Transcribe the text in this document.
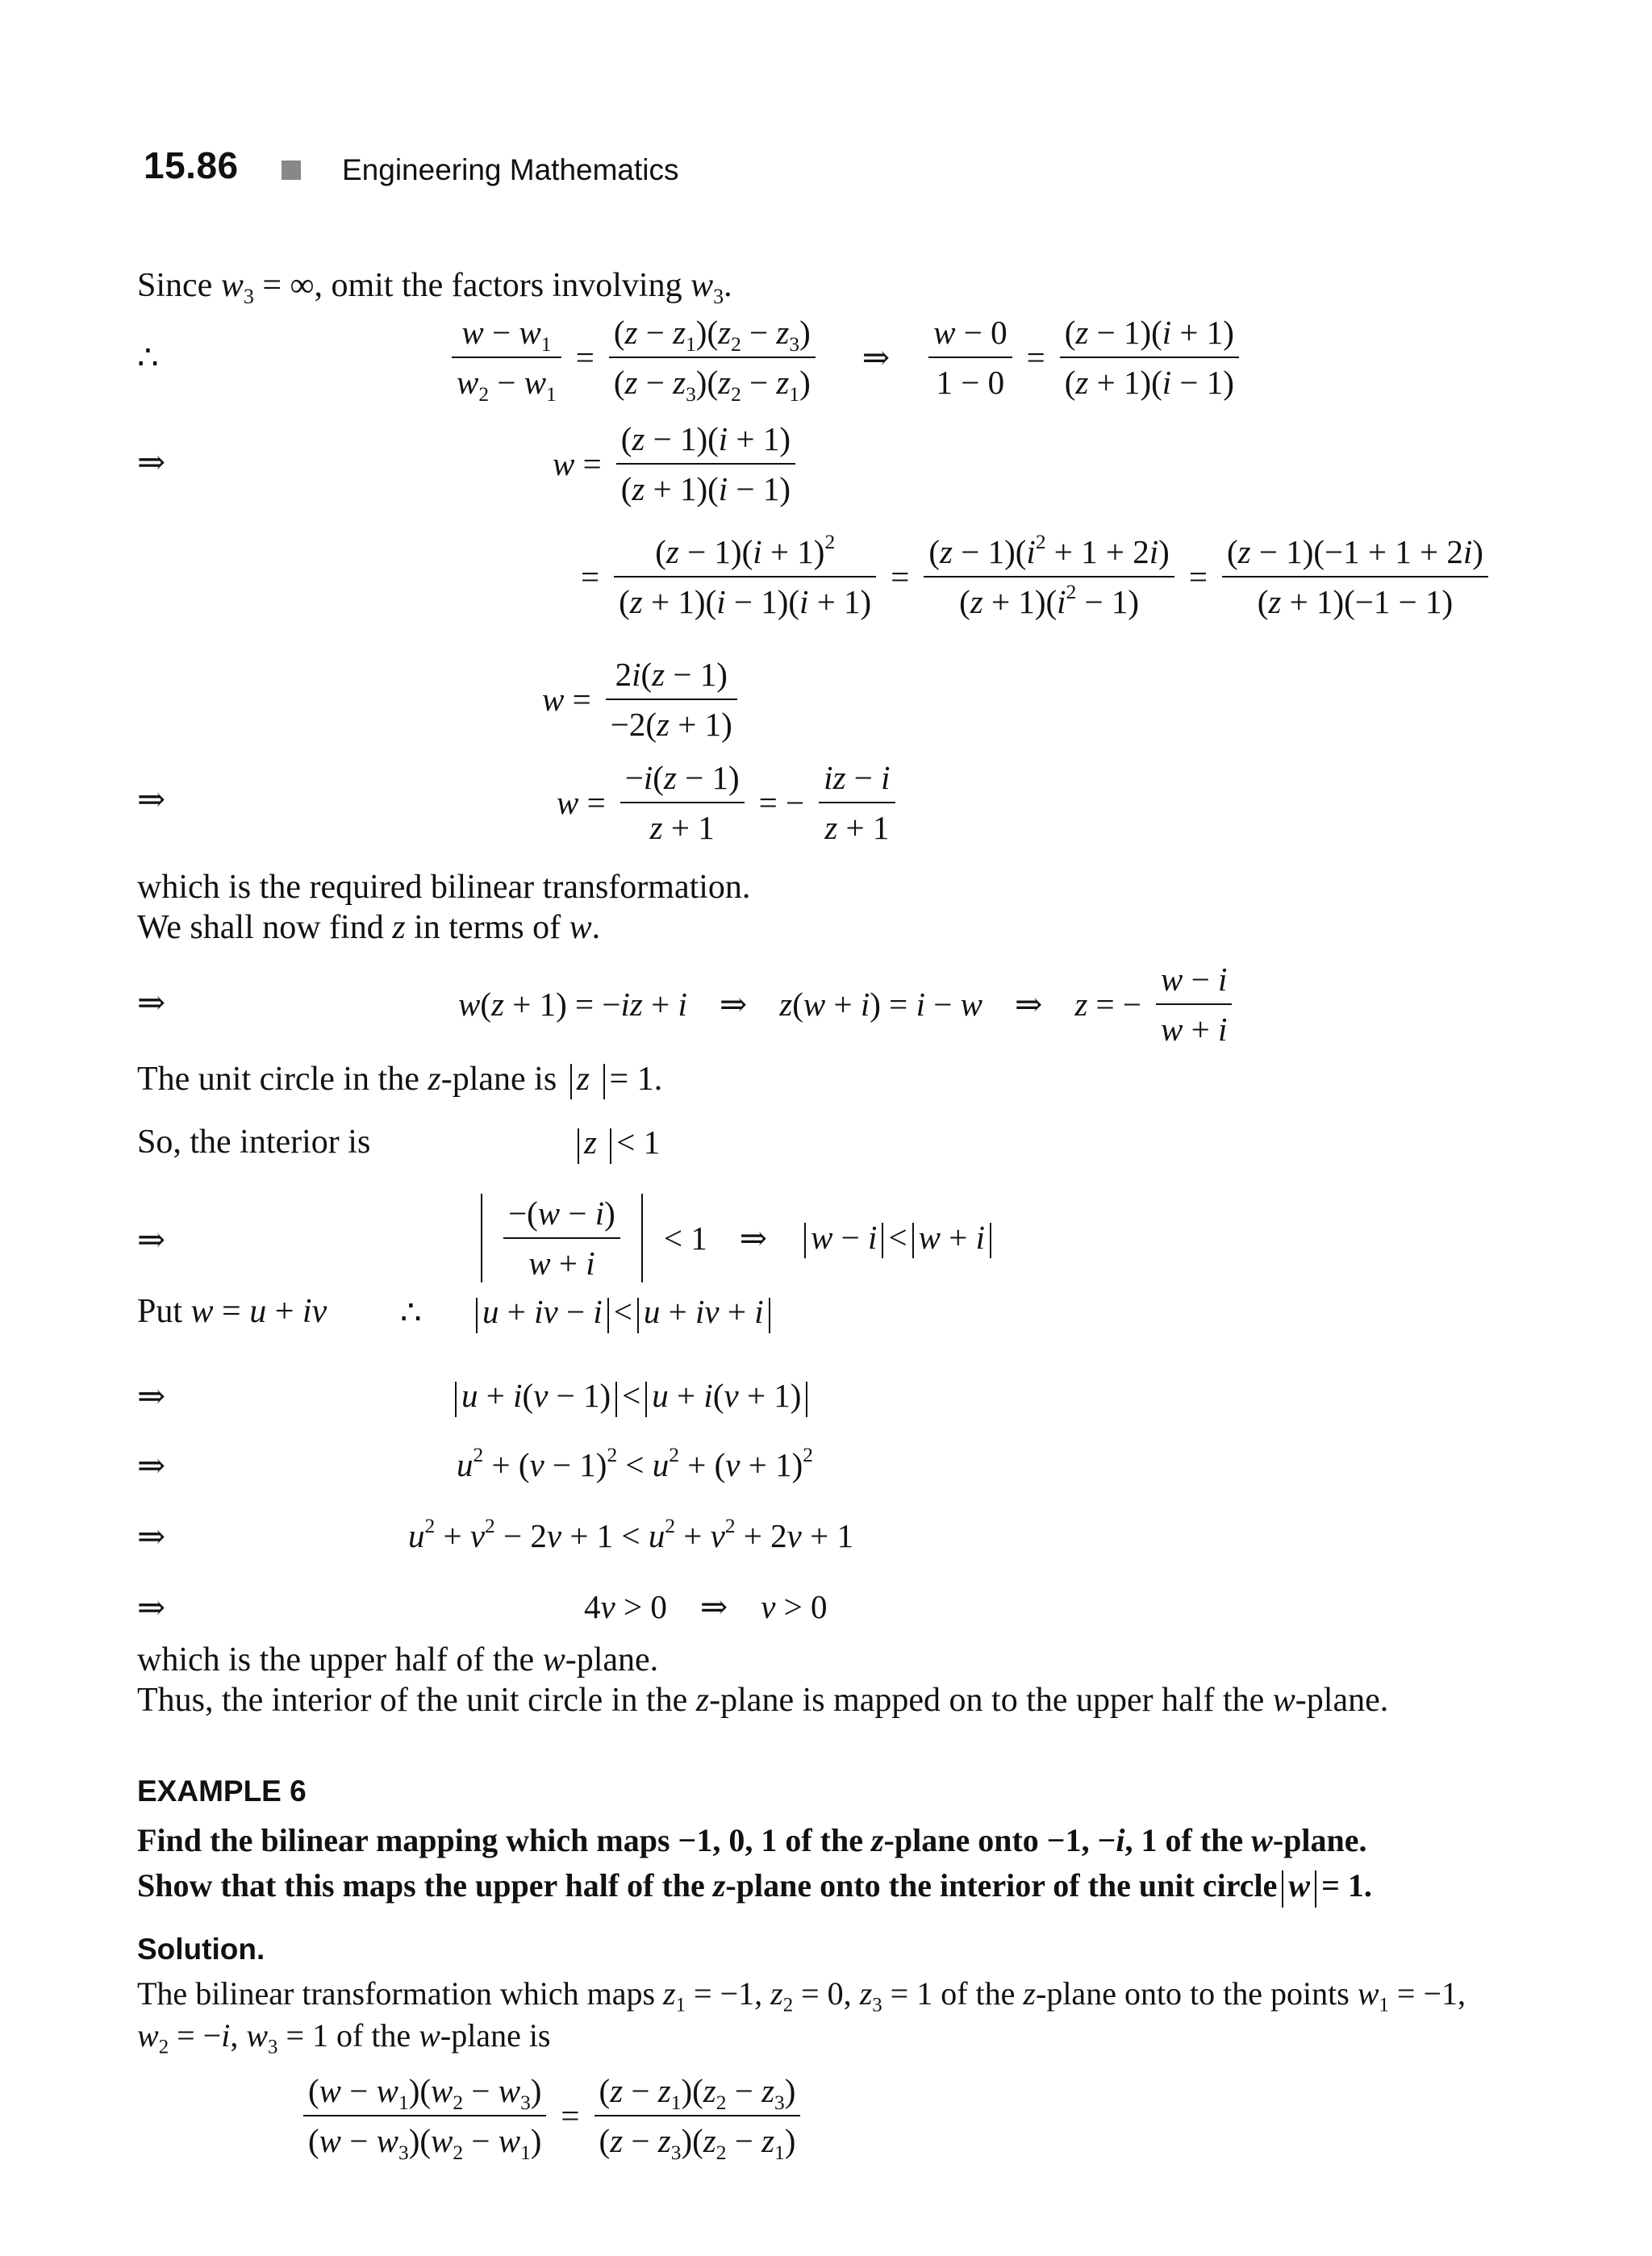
15.86	Engineering Mathematics
Since $w_3$ = ∞, omit the factors involving $w_3$.
∴	$\frac{w - w_1}{w_2 - w_1} = \frac{(z - z_1)(z_2 - z_3)}{(z - z_3)(z_2 - z_1)}$ ⇒ $\frac{w - 0}{1 - 0} = \frac{(z - 1)(i + 1)}{(z + 1)(i - 1)}$
⇒	$w = \frac{(z - 1)(i + 1)}{(z + 1)(i - 1)}$
= $\frac{(z - 1)(i + 1)^2}{(z + 1)(i - 1)(i + 1)} = \frac{(z - 1)(i^2 + 1 + 2i)}{(z + 1)(i^2 - 1)} = \frac{(z - 1)(-1 + 1 + 2i)}{(z + 1)(-1 - 1)}$
$w = \frac{2i(z - 1)}{-2(z + 1)}$
⇒	$w = \frac{-i(z - 1)}{z + 1}$ = − $\frac{iz - i}{z + 1}$
which is the required bilinear transformation.
We shall now find z in terms of w.
⇒	w(z + 1) = −iz + i ⇒ z(w + i) = i − w ⇒ z = − $\frac{w - i}{w + i}$
The unit circle in the z-plane is z = 1.
So, the interior is	z < 1
⇒	$\frac{-(w - i)}{w + i} < 1$ ⇒	w − i < w + i
Put w = u + iv ∴	u + iv − i < u + iv + i
⇒	u + i(v − 1) < u + i(v + 1)
⇒	$u^2 + (v - 1)^2 < u^2 + (v + 1)^2$
⇒	$u^2 + v^2 - 2v + 1 < u^2 + v^2 + 2v + 1$
⇒	4v > 0    ⇒    v > 0
which is the upper half of the w-plane.
Thus, the interior of the unit circle in the z-plane is mapped on to the upper half the w-plane.
EXAMPLE 6
Find the bilinear mapping which maps −1, 0, 1 of the z-plane onto −1, −i, 1 of the w-plane.
Show that this maps the upper half of the z-plane onto the interior of the unit circle w = 1.
Solution.
The bilinear transformation which maps $z_1 = -1$, $z_2 = 0$, $z_3 = 1$ of the z-plane onto to the points $w_1 = -1$,
$w_2 = -i$, $w_3 = 1$ of the w-plane is
$\frac{(w - w_1)(w_2 - w_3)}{(w - w_3)(w_2 - w_1)} = \frac{(z - z_1)(z_2 - z_3)}{(z - z_3)(z_2 - z_1)}$
